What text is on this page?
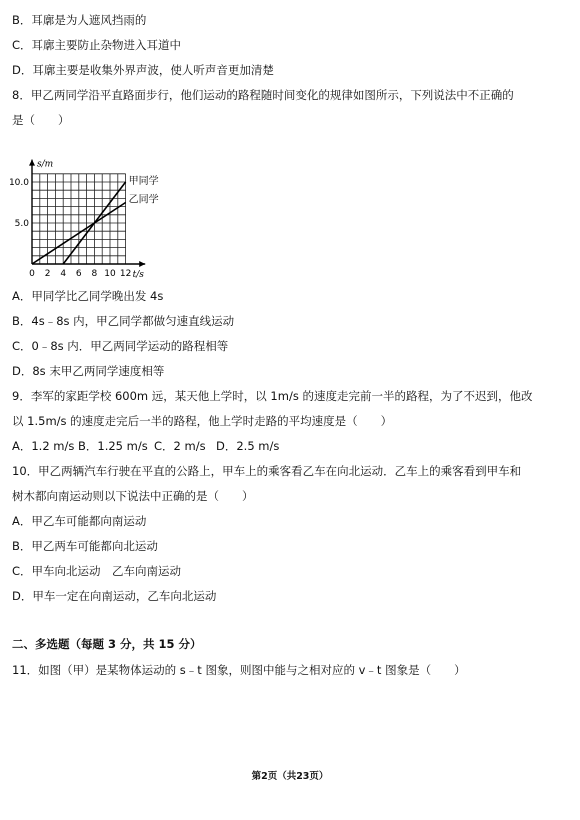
B．耳廓是为人遮风挡雨的
C．耳廓主要防止杂物进入耳道中
D．耳廓主要是收集外界声波，使人听声音更加清楚
8．甲乙两同学沿平直路面步行，他们运动的路程随时间变化的规律如图所示，下列说法中不正确的
是（　　）
s/m
t/s
0 2 4 6 8 10 12
5.0
10.0	甲同学
乙同学
A．甲同学比乙同学晚出发 4s
B．4s﹣8s 内，甲乙同学都做匀速直线运动
C．0﹣8s 内．甲乙两同学运动的路程相等
D．8s 末甲乙两同学速度相等
9．李军的家距学校 600m 远，某天他上学时，以 1m/s 的速度走完前一半的路程，为了不迟到，他改
以 1.5m/s 的速度走完后一半的路程，他上学时走路的平均速度是（　　）
A．1.2 m/s B．1.25 m/s C．2 m/s D．2.5 m/s
10．甲乙两辆汽车行驶在平直的公路上，甲车上的乘客看乙车在向北运动．乙车上的乘客看到甲车和
树木都向南运动则以下说法中正确的是（　　）
A．甲乙车可能都向南运动
B．甲乙两车可能都向北运动
C．甲车向北运动　乙车向南运动
D．甲车一定在向南运动，乙车向北运动
二、多选题（每题 3 分，共 15 分）
11．如图（甲）是某物体运动的 s﹣t 图象，则图中能与之相对应的 v﹣t 图象是（　　）
第2页（共23页）
